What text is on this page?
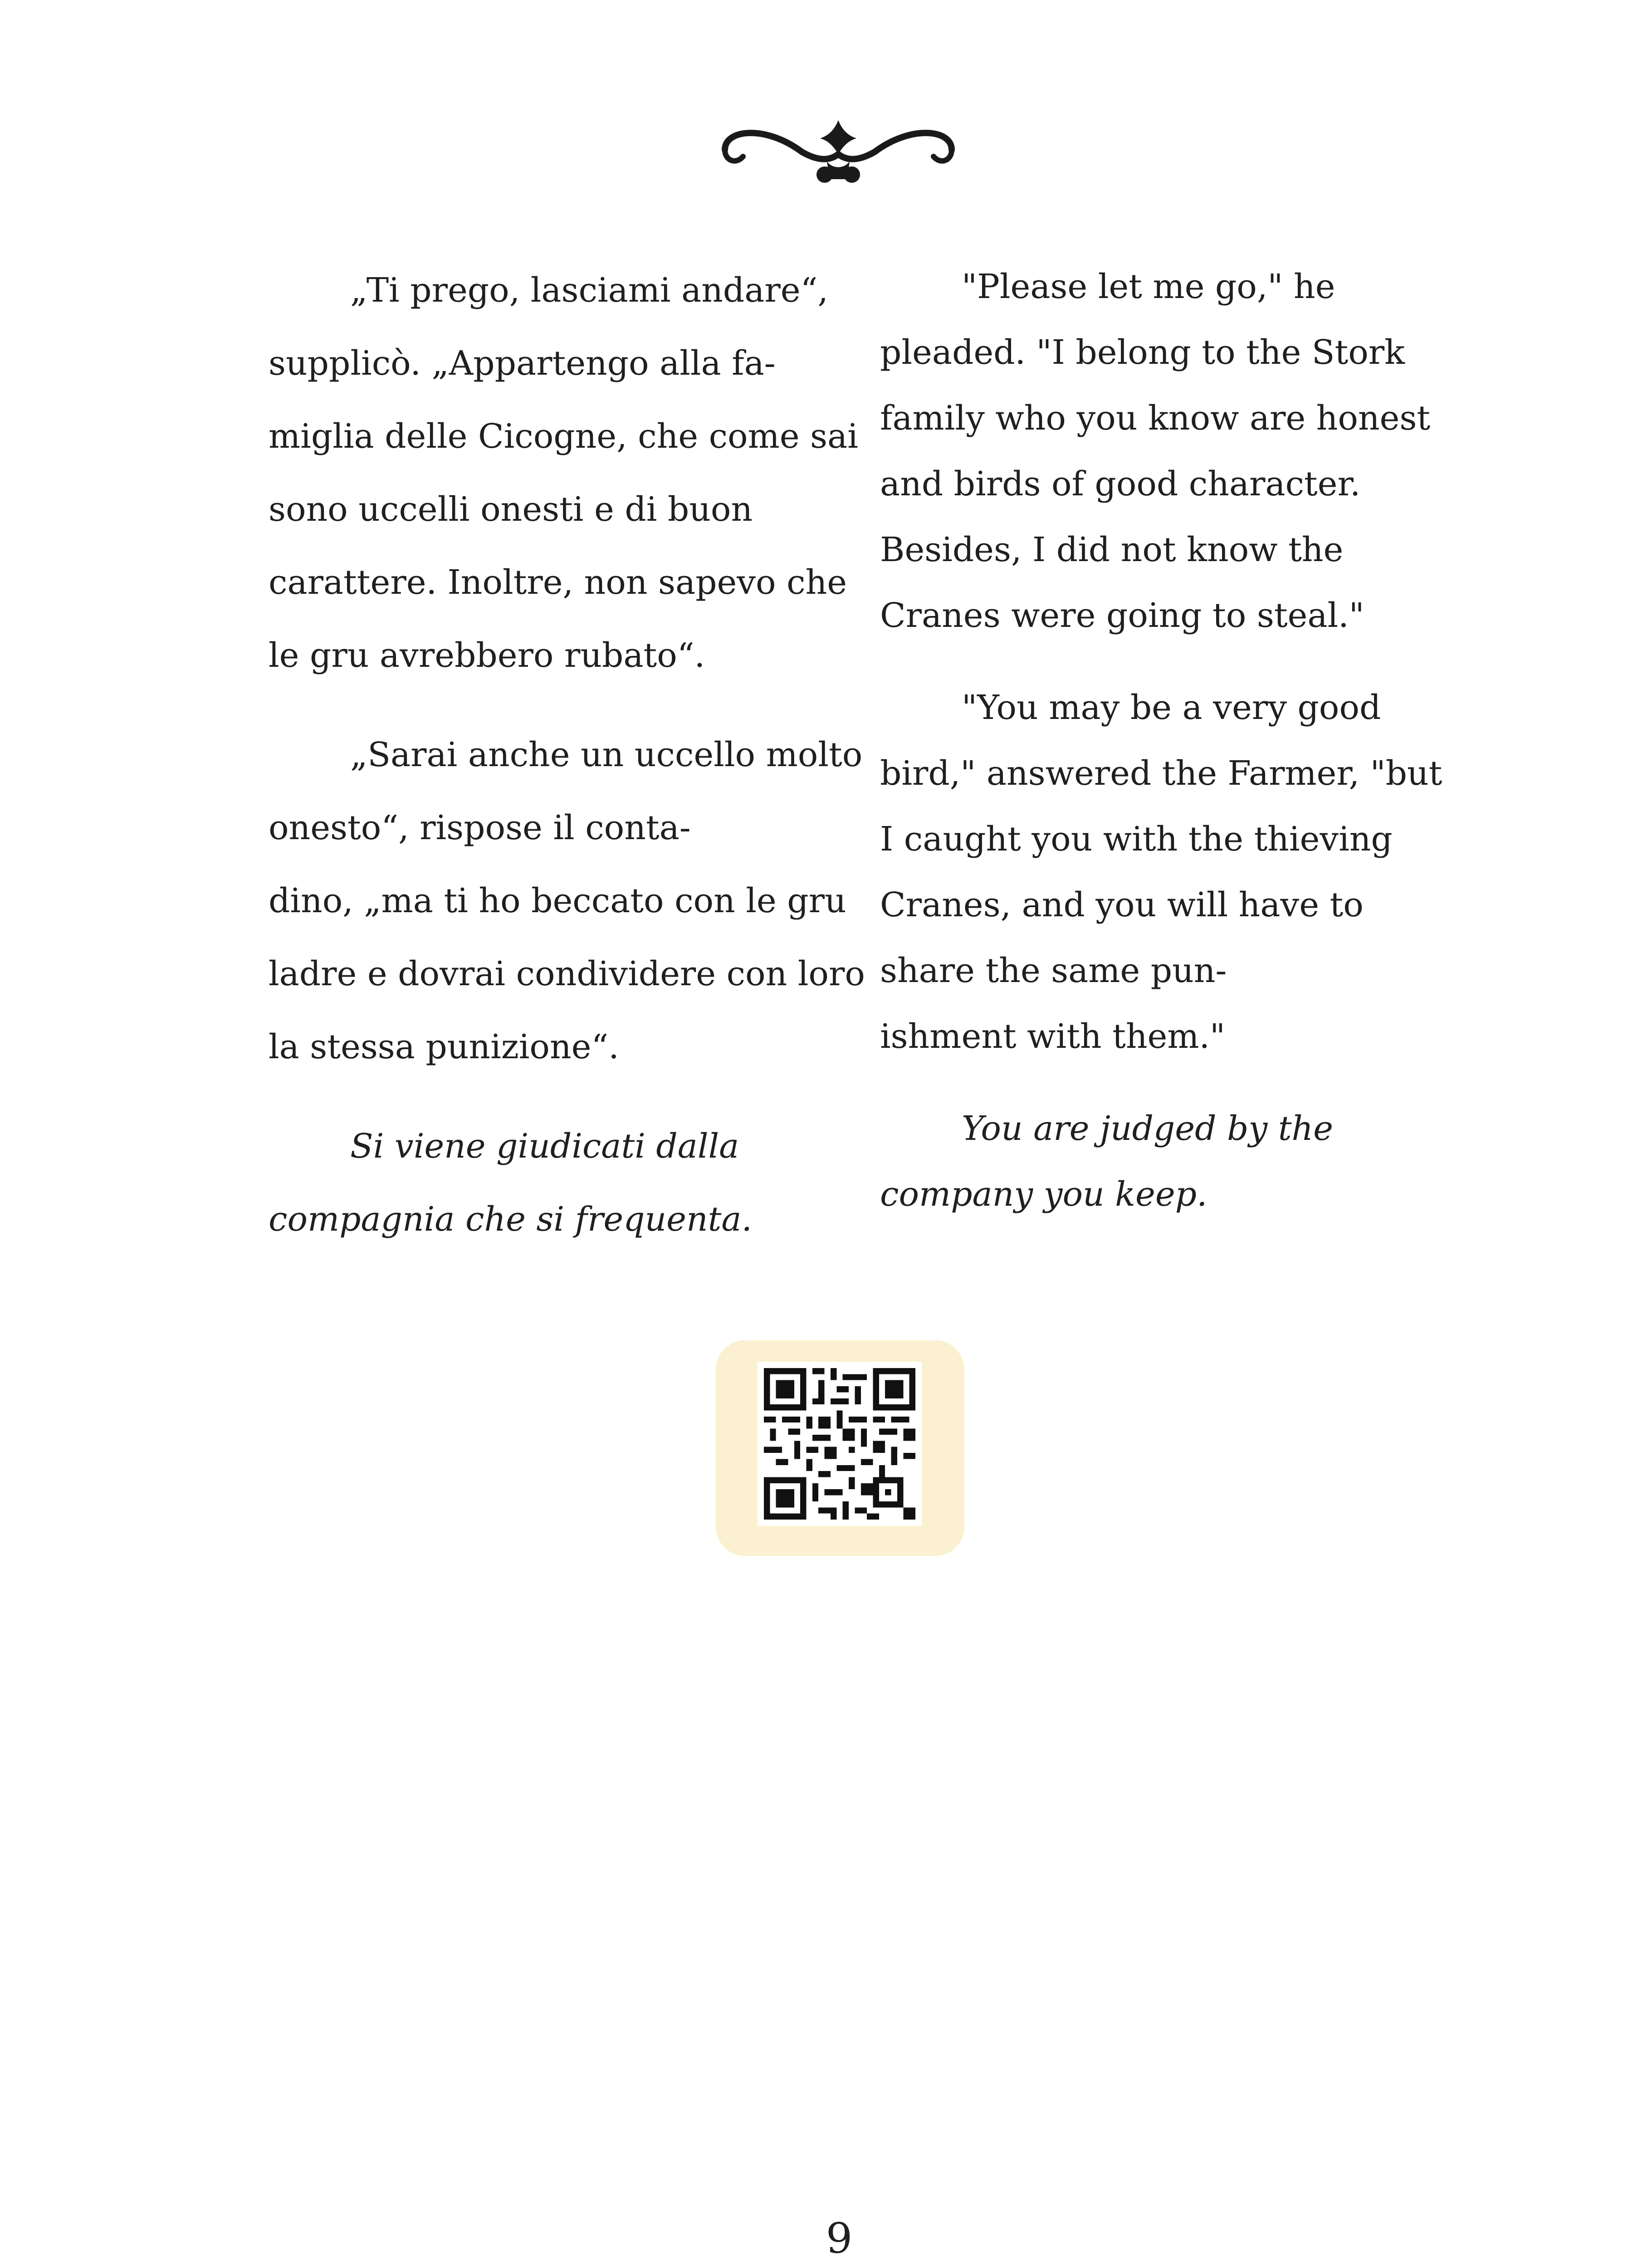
„Ti prego, lasciami andare“, supplicò. „Appartengo alla fa-
miglia delle Cicogne, che come sai sono uccelli onesti e di buon carattere. Inoltre, non sapevo che le gru avrebbero rubato“.

„Sarai anche un uccello molto onesto“, rispose il conta-
dino, „ma ti ho beccato con le gru ladre e dovrai condividere con loro la stessa punizione“.

Si viene giudicati dalla compagnia che si frequenta.

"Please let me go," he pleaded. "I belong to the Stork family who you know are honest and birds of good character. Besides, I did not know the Cranes were going to steal."

"You may be a very good bird," answered the Farmer, "but I caught you with the thieving Cranes, and you will have to share the same pun-
ishment with them."

You are judged by the company you keep.

9
